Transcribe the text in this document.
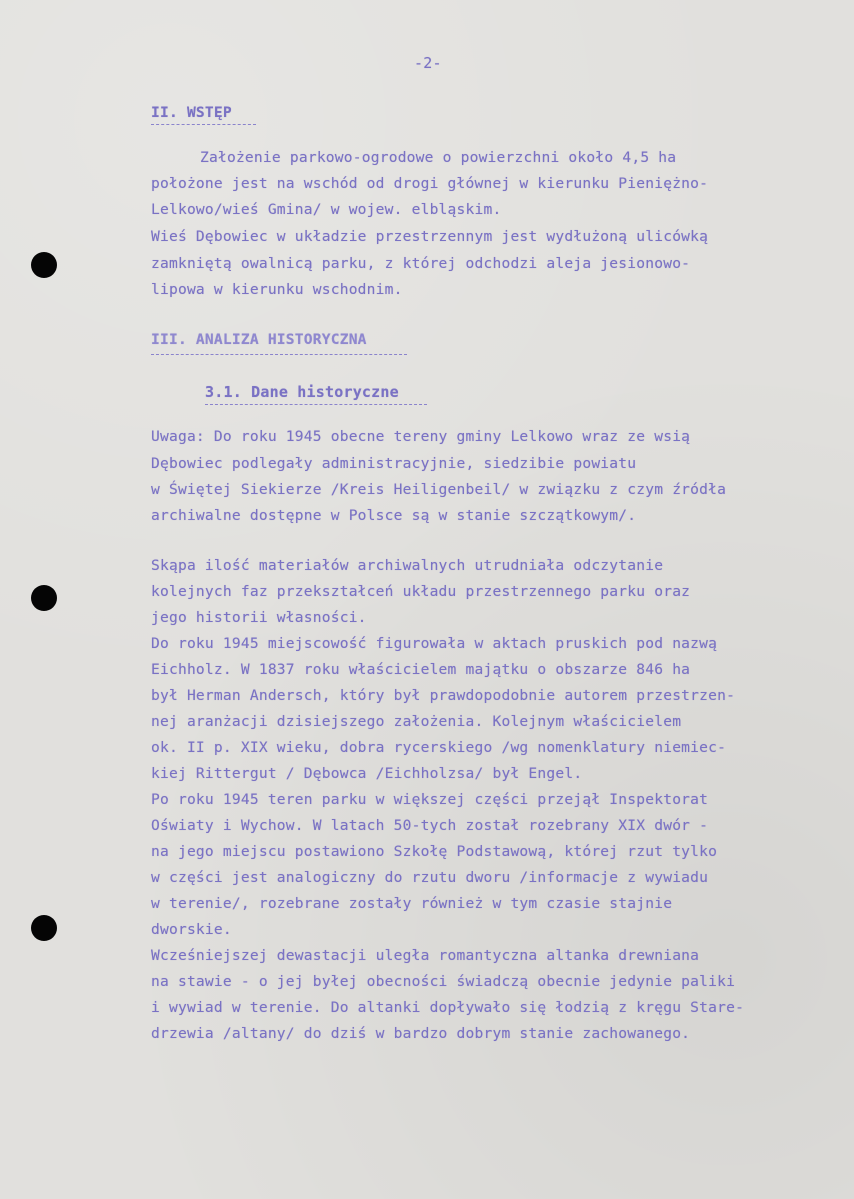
-2-
II. WSTĘP
Założenie parkowo-ogrodowe o powierzchni około 4,5 ha
położone jest na wschód od drogi głównej w kierunku Pieniężno-
Lelkowo/wieś Gmina/ w wojew. elbląskim.
Wieś Dębowiec w układzie przestrzennym jest wydłużoną ulicówką
zamkniętą owalnicą parku, z której odchodzi aleja jesionowo-
lipowa w kierunku wschodnim.
III. ANALIZA HISTORYCZNA
3.1. Dane historyczne
Uwaga: Do roku 1945 obecne tereny gminy Lelkowo wraz ze wsią
Dębowiec podlegały administracyjnie, siedzibie powiatu
w Świętej Siekierze /Kreis Heiligenbeil/ w związku z czym źródła
archiwalne dostępne w Polsce są w stanie szczątkowym/.
Skąpa ilość materiałów archiwalnych utrudniała odczytanie
kolejnych faz przekształceń układu przestrzennego parku oraz
jego historii własności.
Do roku 1945 miejscowość figurowała w aktach pruskich pod nazwą
Eichholz. W 1837 roku właścicielem majątku o obszarze 846 ha
był Herman Andersch, który był prawdopodobnie autorem przestrzen-
nej aranżacji dzisiejszego założenia. Kolejnym właścicielem
ok. II p. XIX wieku, dobra rycerskiego /wg nomenklatury niemiec-
kiej Rittergut / Dębowca /Eichholzsa/ był Engel.
Po roku 1945 teren parku w większej części przejął Inspektorat
Oświaty i Wychow. W latach 50-tych został rozebrany XIX dwór -
na jego miejscu postawiono Szkołę Podstawową, której rzut tylko
w części jest analogiczny do rzutu dworu /informacje z wywiadu
w terenie/, rozebrane zostały również w tym czasie stajnie
dworskie.
Wcześniejszej dewastacji uległa romantyczna altanka drewniana
na stawie - o jej byłej obecności świadczą obecnie jedynie paliki
i wywiad w terenie. Do altanki dopływało się łodzią z kręgu Stare-
drzewia /altany/ do dziś w bardzo dobrym stanie zachowanego.
